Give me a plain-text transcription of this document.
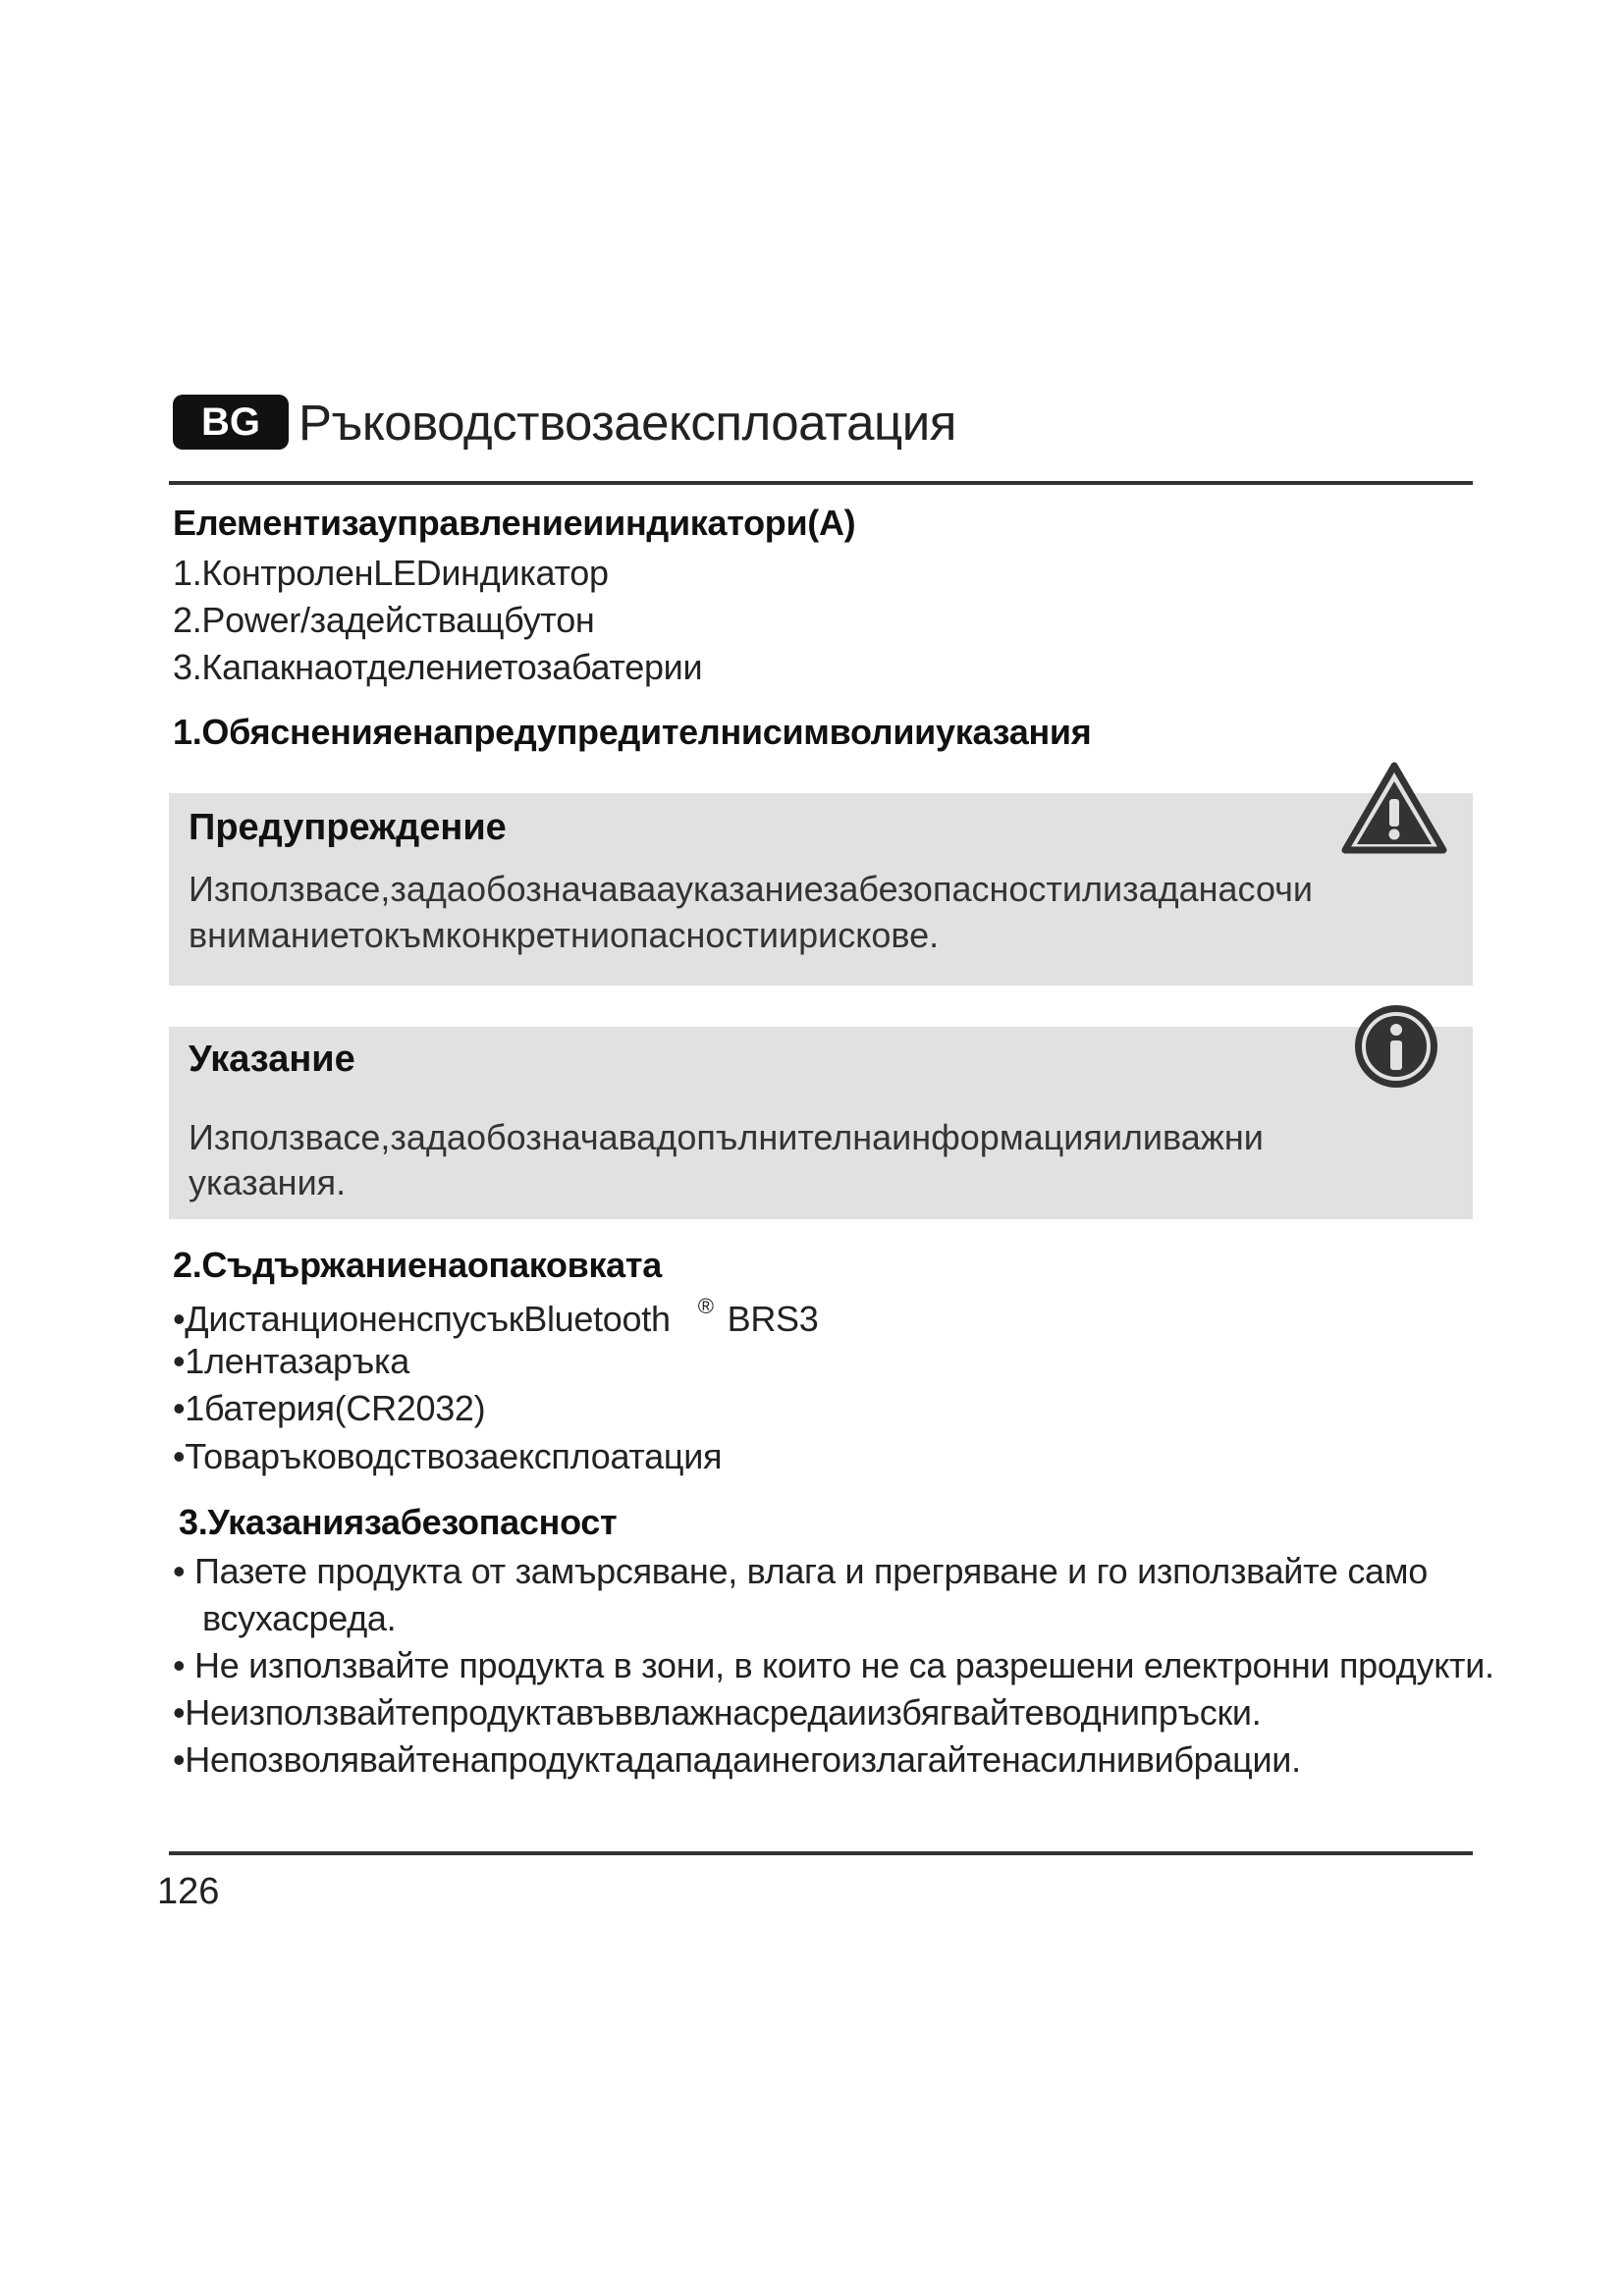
BG Ръководствозаексплоатация
Елементизауправлениеииндикатори(А)
1.КонтроленLEDиндикатор
2.Power/задействащбутон
3.Капакнаотделениетозабатерии
1.Обясненияенапредупредителнисимволииуказания
Предупреждение
Използвасе,задаобозначаваауказаниезабезопасностилизаданасочи
вниманиетокъмконкретниопасностиирискове.
Указание
Използвасе,задаобозначавадопълнителнаинформацияиливажни
указания.
2.Съдържаниенаопаковката
•ДистанционенспусъкBluetooth ® BRS3
•1лентазаръка
•1батерия(CR2032)
•Товаръководствозаексплоатация
3.Указаниязабезопасност
• Пазете продукта от замърсяване, влага и прегряване и го използвайте само
всухасреда.
• Не използвайте продукта в зони, в които не са разрешени електронни продукти.
•Неизползвайтепродуктавъввлажнасредаиизбягвайтеводнипръски.
•Непозволявайтенапродуктадападаинегоизлагайтенасилнивибрации.
126
